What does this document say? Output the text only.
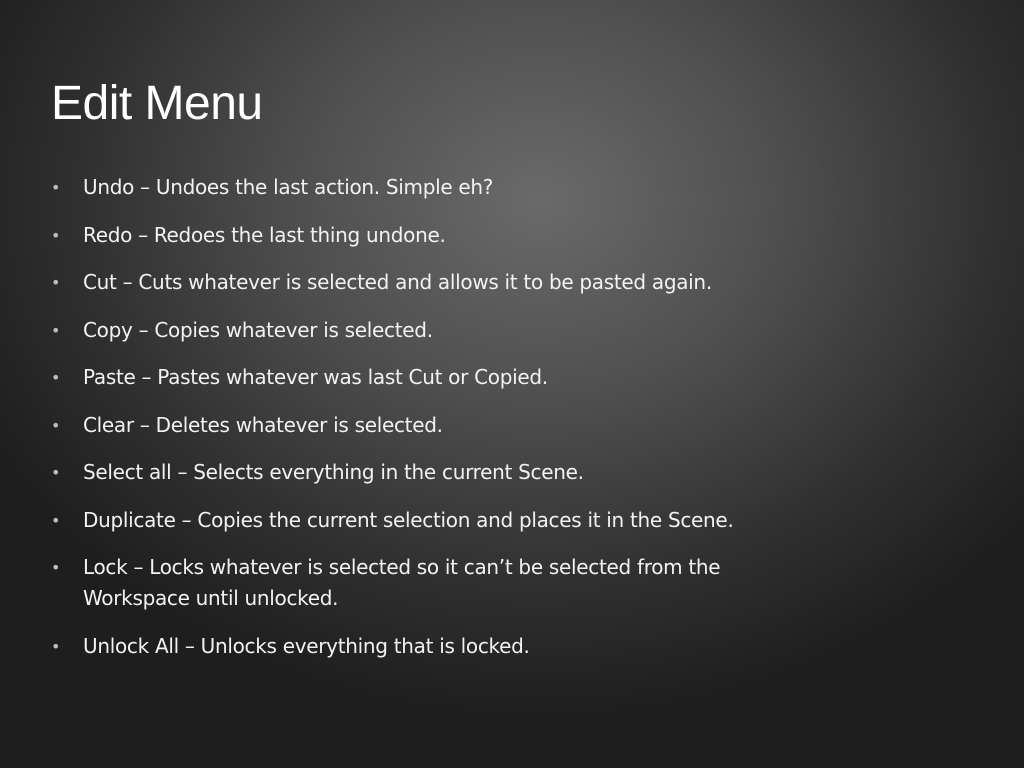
Edit Menu
• Undo – Undoes the last action. Simple eh?
• Redo – Redoes the last thing undone.
• Cut – Cuts whatever is selected and allows it to be pasted again.
• Copy – Copies whatever is selected.
• Paste – Pastes whatever was last Cut or Copied.
• Clear – Deletes whatever is selected.
• Select all – Selects everything in the current Scene.
• Duplicate – Copies the current selection and places it in the Scene.
• Lock – Locks whatever is selected so it can’t be selected from the Workspace until unlocked.
• Unlock All – Unlocks everything that is locked.
